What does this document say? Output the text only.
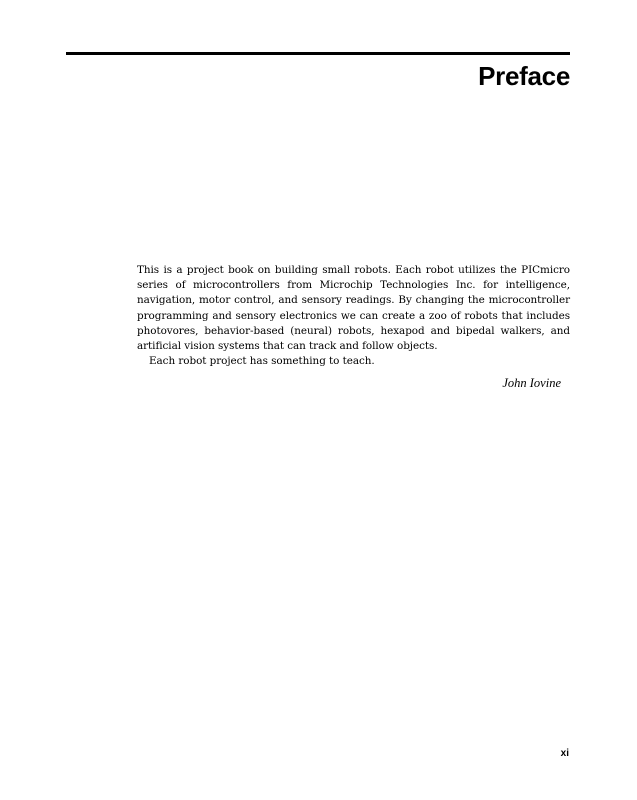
Preface

This is a project book on building small robots. Each robot utilizes the PICmicro series of microcontrollers from Microchip Technologies Inc. for intelligence, navigation, motor control, and sensory readings. By changing the microcontroller programming and sensory electronics we can create a zoo of robots that includes photovores, behavior-based (neural) robots, hexapod and bipedal walkers, and artificial vision systems that can track and follow objects.

Each robot project has something to teach.

John Iovine

xi
